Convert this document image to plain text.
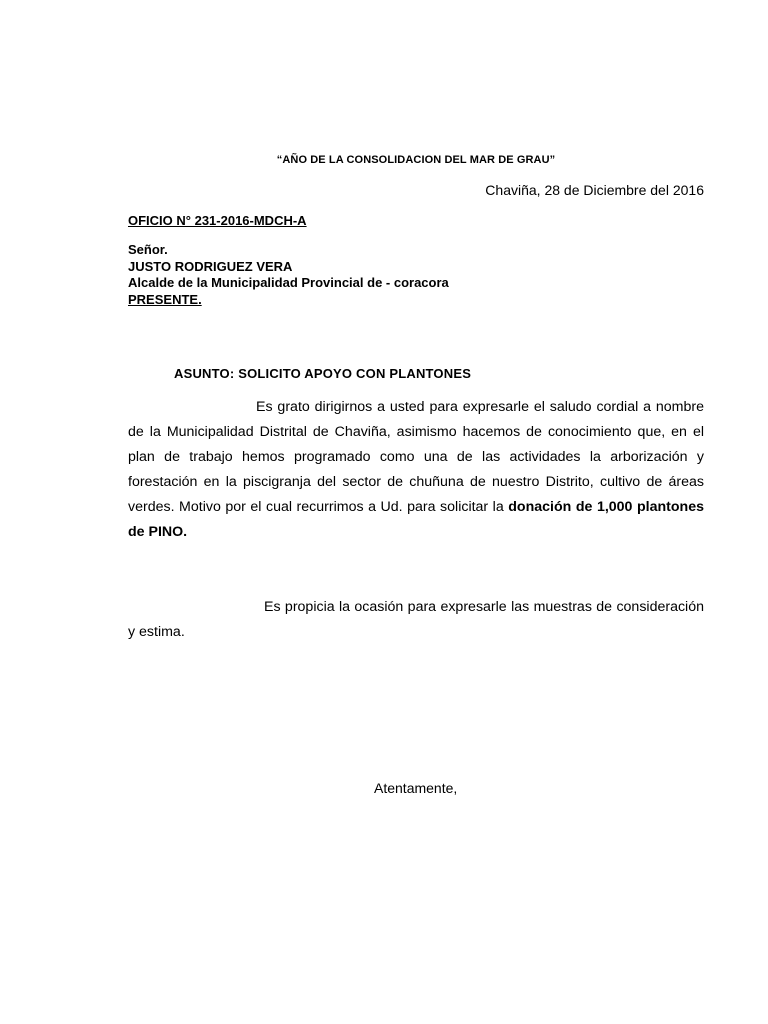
“AÑO DE LA CONSOLIDACION DEL MAR DE GRAU”
Chaviña, 28 de Diciembre del 2016
OFICIO N° 231-2016-MDCH-A
Señor.
JUSTO RODRIGUEZ VERA
Alcalde de la Municipalidad Provincial de - coracora
PRESENTE.
ASUNTO: SOLICITO APOYO CON PLANTONES
Es grato dirigirnos a usted para expresarle el saludo cordial a nombre de la Municipalidad Distrital de Chaviña, asimismo hacemos de conocimiento que, en el plan de trabajo hemos programado como una de las actividades la arborización y forestación en la piscigranja del sector de chuñuna de nuestro Distrito, cultivo de áreas verdes. Motivo por el cual recurrimos a Ud. para solicitar la donación de 1,000 plantones de PINO.
Es propicia la ocasión para expresarle las muestras de consideración y estima.
Atentamente,
